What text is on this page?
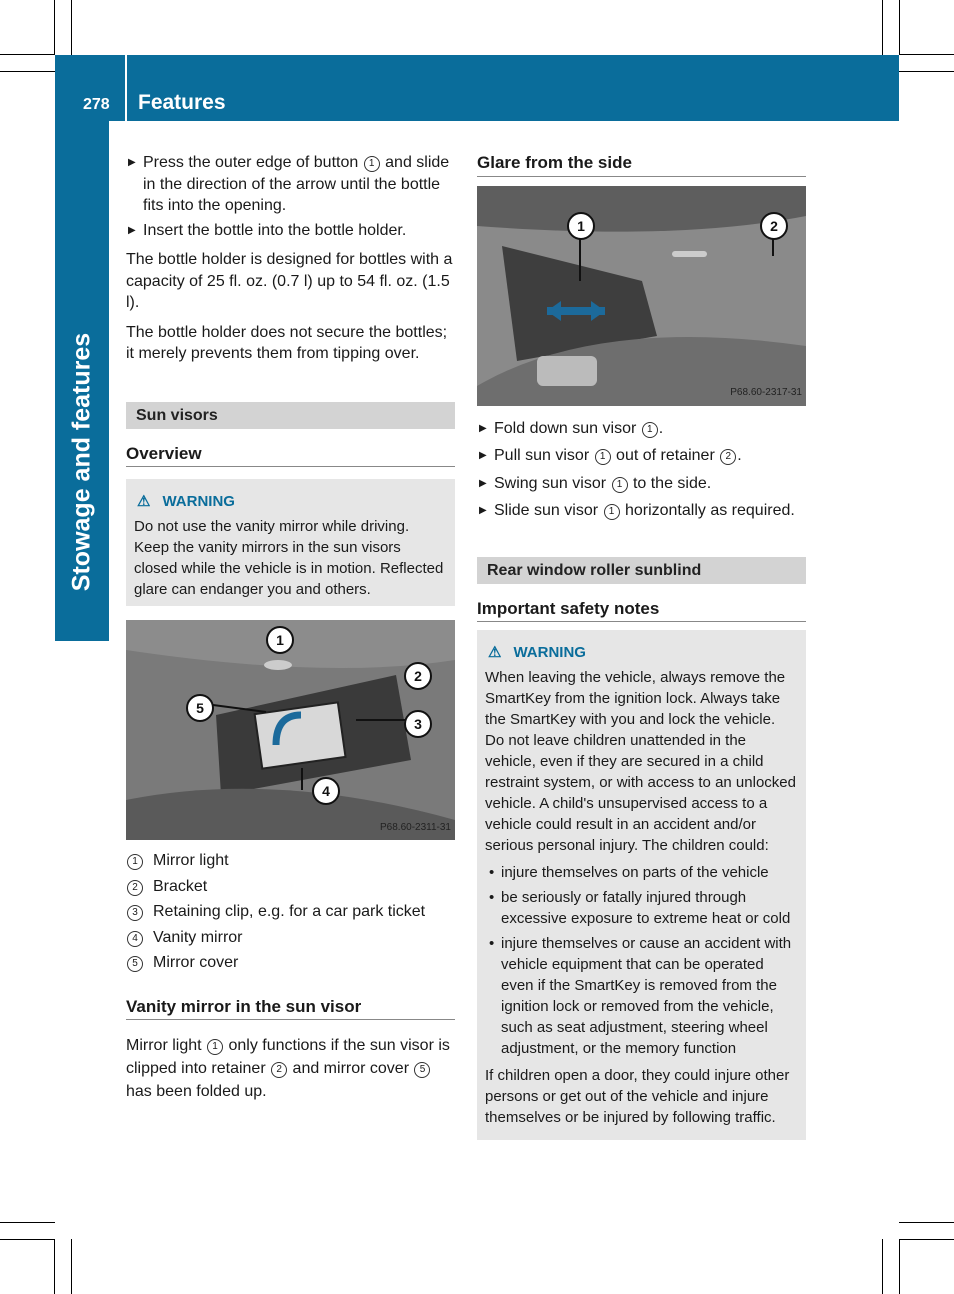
278 Features
Stowage and features
▶ Press the outer edge of button 1 and slide in the direction of the arrow until the bottle fits into the opening.
▶ Insert the bottle into the bottle holder.

The bottle holder is designed for bottles with a capacity of 25 fl. oz. (0.7 l) up to 54 fl. oz. (1.5 l).

The bottle holder does not secure the bottles; it merely prevents them from tipping over.

Sun visors
Overview
⚠ WARNING

Do not use the vanity mirror while driving. Keep the vanity mirrors in the sun visors closed while the vehicle is in motion. Reflected glare can endanger you and others.

1
2
3
4
5
P68.60-2311-31
1 Mirror light
2 Bracket
3 Retaining clip, e.g. for a car park ticket
4 Vanity mirror
5 Mirror cover
Vanity mirror in the sun visor

Mirror light 1 only functions if the sun visor is clipped into retainer 2 and mirror cover 5 has been folded up.

Glare from the side
1	2
P68.60-2317-31
▶ Fold down sun visor 1 .
▶ Pull sun visor 1 out of retainer 2 .
▶ Swing sun visor 1 to the side.
▶ Slide sun visor 1 horizontally as required.
Rear window roller sunblind
Important safety notes
⚠ WARNING

When leaving the vehicle, always remove the SmartKey from the ignition lock. Always take the SmartKey with you and lock the vehicle. Do not leave children unattended in the vehicle, even if they are secured in a child restraint system, or with access to an unlocked vehicle. A child's unsupervised access to a vehicle could result in an accident and/or serious personal injury. The children could:

• injure themselves on parts of the vehicle
• be seriously or fatally injured through excessive exposure to extreme heat or cold
• injure themselves or cause an accident with vehicle equipment that can be operated even if the SmartKey is removed from the ignition lock or removed from the vehicle, such as seat adjustment, steering wheel adjustment, or the memory function

If children open a door, they could injure other persons or get out of the vehicle and injure themselves or be injured by following traffic.
